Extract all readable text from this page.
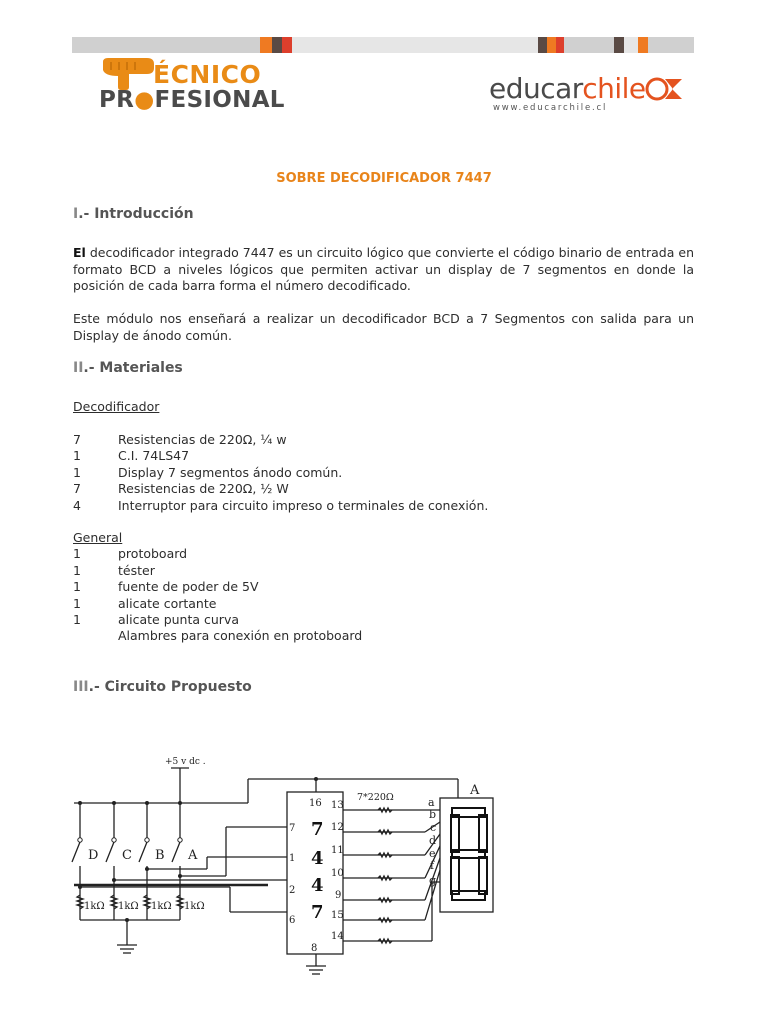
ÉCNICO
PR●FESIONAL	educarchile
www.educarchile.cl
SOBRE DECODIFICADOR 7447
I.- Introducción
El decodificador integrado 7447 es un circuito lógico que convierte el código binario de entrada en formato BCD a niveles lógicos que permiten activar un display de 7 segmentos en donde la posición de cada barra forma el número decodificado.
Este módulo nos enseñará a realizar un decodificador BCD a 7 Segmentos con salida para un Display de ánodo común.
II.- Materiales
Decodificador
7	Resistencias de 220Ω, ¼ w
1	C.I. 74LS47
1	Display 7 segmentos ánodo común.
7	Resistencias de 220Ω, ½ W
4	Interruptor para circuito impreso o terminales de conexión.
General
1	protoboard
1	téster
1	fuente de poder de 5V
1	alicate cortante
1	alicate punta curva
Alambres para conexión en protoboard
III.- Circuito Propuesto
+5 v dc .
7*220Ω	A
D C B A
1kΩ 1kΩ 1kΩ 1kΩ
16
8
7
1
2
6
7
4
4
7
13
12
11
10
9
15
14
a
b
c
d
e
f
g
